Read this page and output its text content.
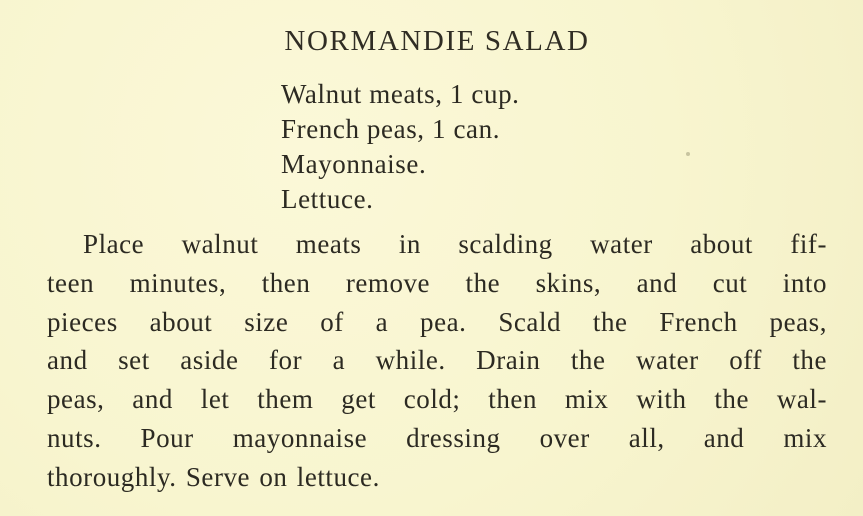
NORMANDIE SALAD
Walnut meats, 1 cup.
French peas, 1 can.
Mayonnaise.
Lettuce.
Place walnut meats in scalding water about fif-
teen minutes, then remove the skins, and cut into
pieces about size of a pea. Scald the French peas,
and set aside for a while. Drain the water off the
peas, and let them get cold; then mix with the wal-
nuts. Pour mayonnaise dressing over all, and mix
thoroughly. Serve on lettuce.
